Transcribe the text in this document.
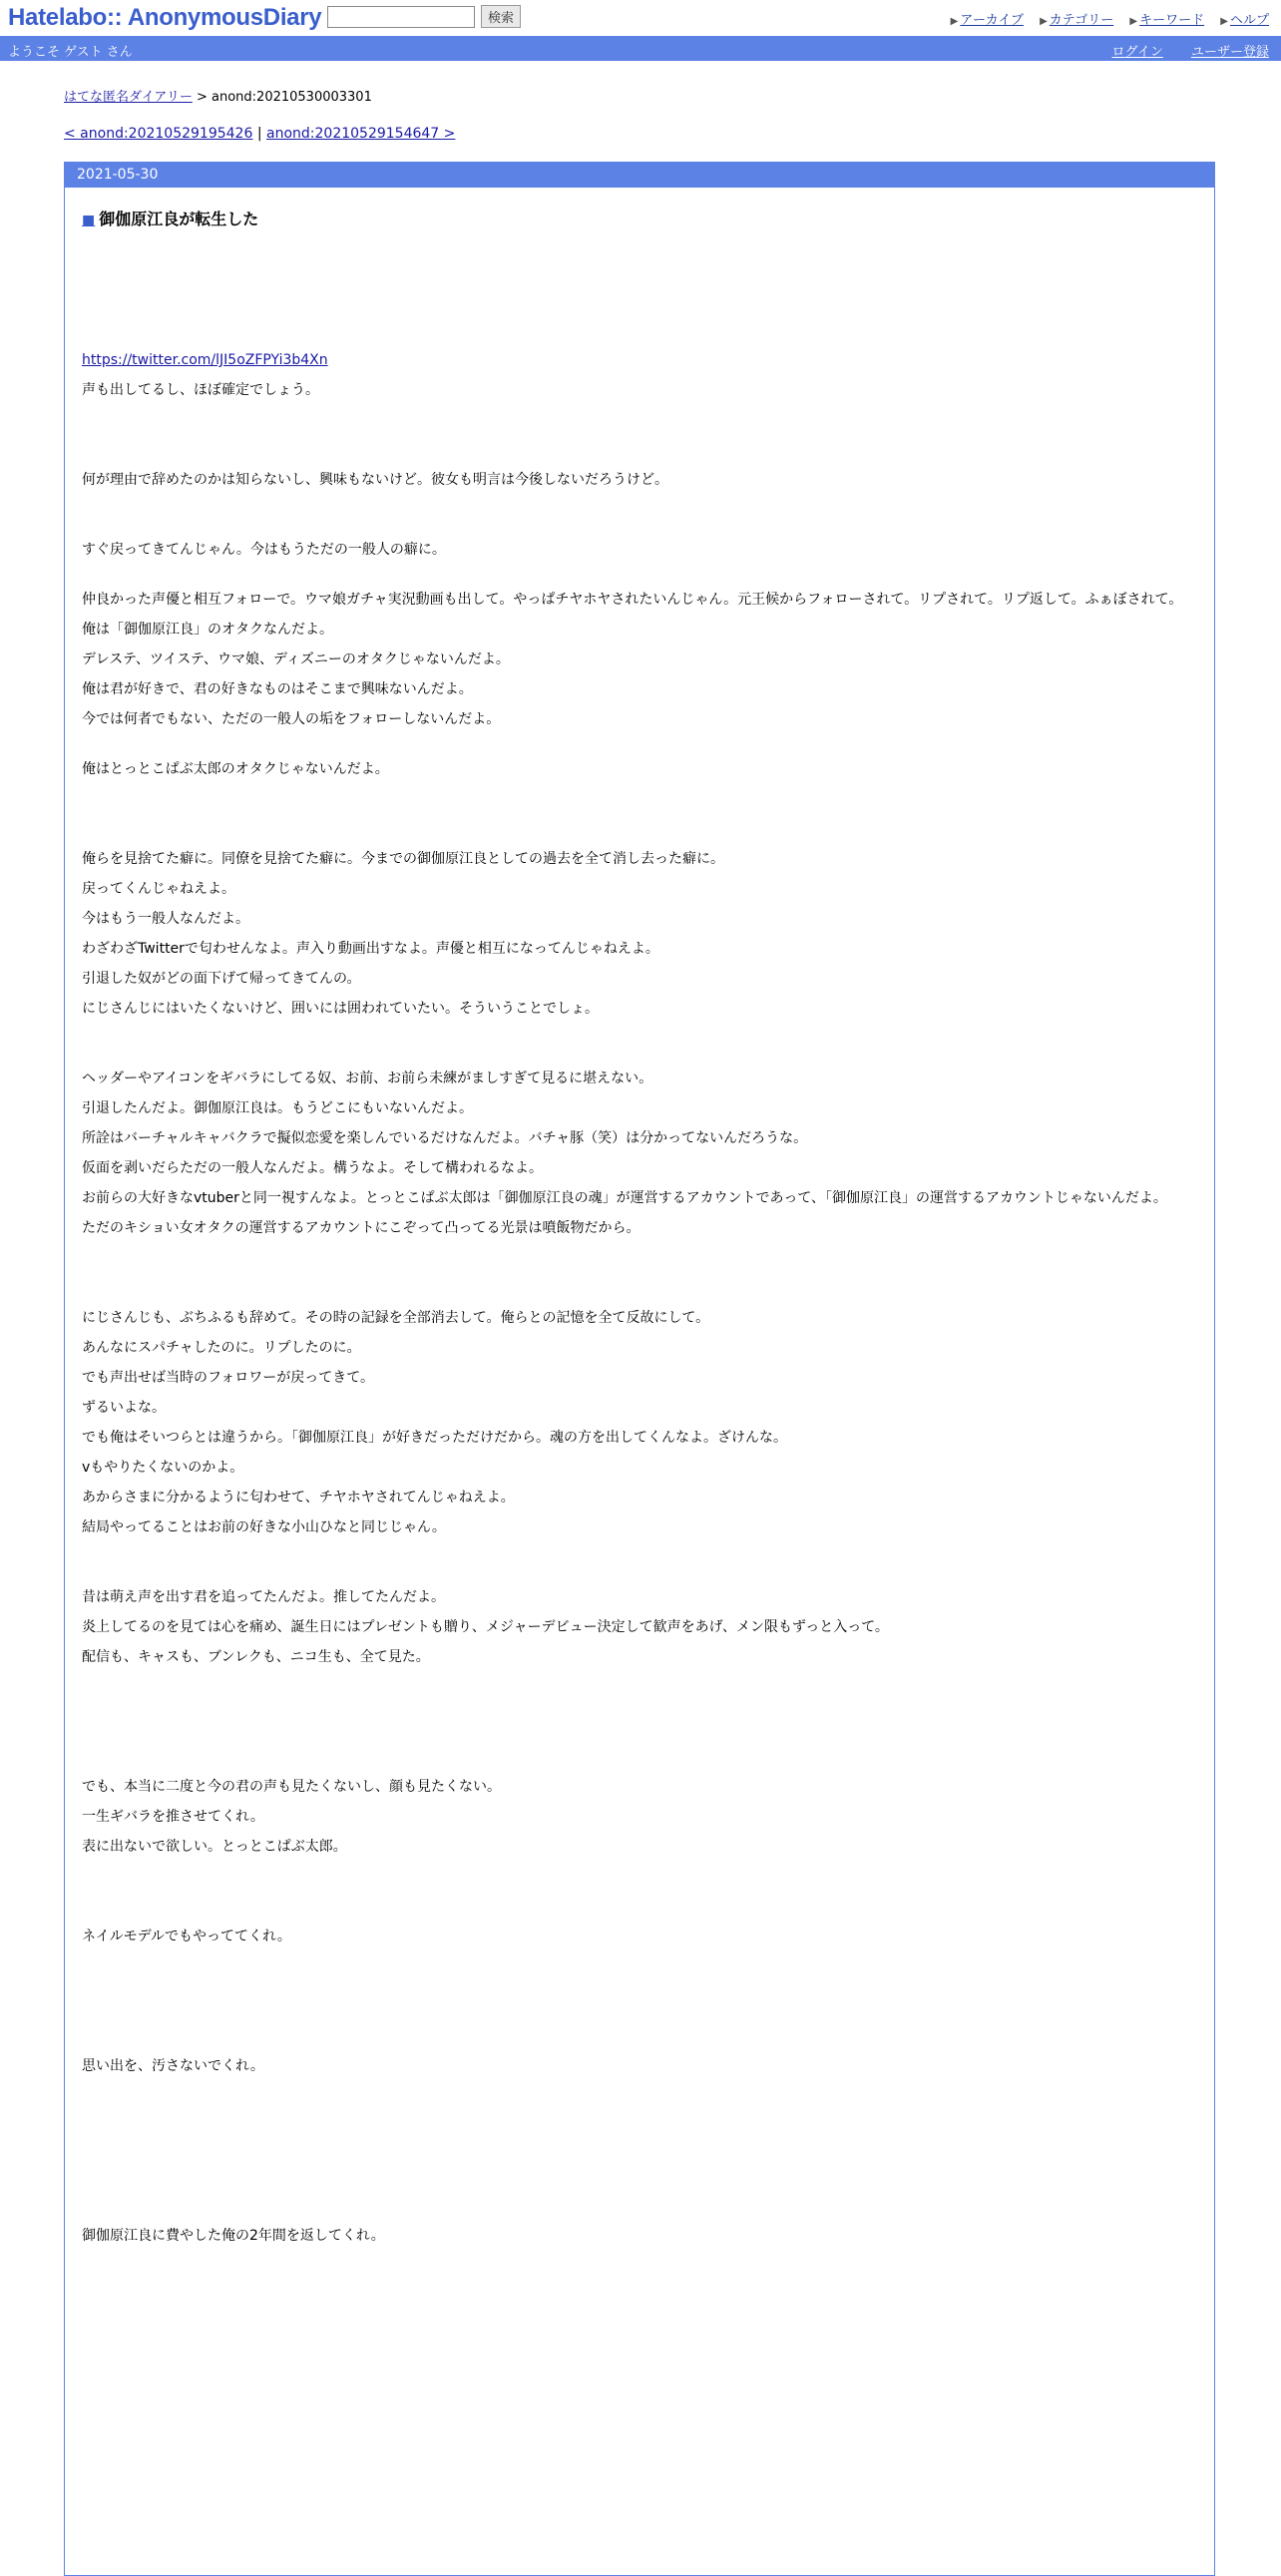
Hatelabo:: AnonymousDiary	検索	▶ アーカイブ ▶ カテゴリー ▶ キーワード ▶ ヘルプ
ようこそ ゲスト さん	ログイン ユーザー登録
はてな匿名ダイアリー > anond:20210530003301
< anond:20210529195426 | anond:20210529154647 >
2021-05-30
■ 御伽原江良が転生した

https://twitter.com/lJI5oZFPYi3b4Xn

声も出してるし、ほぼ確定でしょう。

何が理由で辞めたのかは知らないし、興味もないけど。彼女も明言は今後しないだろうけど。

すぐ戻ってきてんじゃん。今はもうただの一般人の癖に。

仲良かった声優と相互フォローで。ウマ娘ガチャ実況動画も出して。やっぱチヤホヤされたいんじゃん。元王候からフォローされて。リプされて。リプ返して。ふぁぼされて。

俺は「御伽原江良」のオタクなんだよ。

デレステ、ツイステ、ウマ娘、ディズニーのオタクじゃないんだよ。

俺は君が好きで、君の好きなものはそこまで興味ないんだよ。

今では何者でもない、ただの一般人の垢をフォローしないんだよ。

俺はとっとこぱぶ太郎のオタクじゃないんだよ。

俺らを見捨てた癖に。同僚を見捨てた癖に。今までの御伽原江良としての過去を全て消し去った癖に。

戻ってくんじゃねえよ。

今はもう一般人なんだよ。

わざわざTwitterで匂わせんなよ。声入り動画出すなよ。声優と相互になってんじゃねえよ。

引退した奴がどの面下げて帰ってきてんの。

にじさんじにはいたくないけど、囲いには囲われていたい。そういうことでしょ。

ヘッダーやアイコンをギバラにしてる奴、お前、お前ら未練がましすぎて見るに堪えない。

引退したんだよ。御伽原江良は。もうどこにもいないんだよ。

所詮はバーチャルキャバクラで擬似恋愛を楽しんでいるだけなんだよ。バチャ豚（笑）は分かってないんだろうな。

仮面を剥いだらただの一般人なんだよ。構うなよ。そして構われるなよ。

お前らの大好きなvtuberと同一視すんなよ。とっとこぱぶ太郎は「御伽原江良の魂」が運営するアカウントであって、「御伽原江良」の運営するアカウントじゃないんだよ。

ただのキショい女オタクの運営するアカウントにこぞって凸ってる光景は噴飯物だから。

にじさんじも、ぶちふるも辞めて。その時の記録を全部消去して。俺らとの記憶を全て反故にして。

あんなにスパチャしたのに。リプしたのに。

でも声出せば当時のフォロワーが戻ってきて。

ずるいよな。

でも俺はそいつらとは違うから。「御伽原江良」が好きだっただけだから。魂の方を出してくんなよ。ざけんな。

vもやりたくないのかよ。

あからさまに分かるように匂わせて、チヤホヤされてんじゃねえよ。

結局やってることはお前の好きな小山ひなと同じじゃん。

昔は萌え声を出す君を追ってたんだよ。推してたんだよ。

炎上してるのを見ては心を痛め、誕生日にはプレゼントも贈り、メジャーデビュー決定して歓声をあげ、メン限もずっと入って。

配信も、キャスも、ブンレクも、ニコ生も、全て見た。

でも、本当に二度と今の君の声も見たくないし、顔も見たくない。

一生ギバラを推させてくれ。

表に出ないで欲しい。とっとこぱぶ太郎。

ネイルモデルでもやっててくれ。

思い出を、汚さないでくれ。

御伽原江良に費やした俺の2年間を返してくれ。
